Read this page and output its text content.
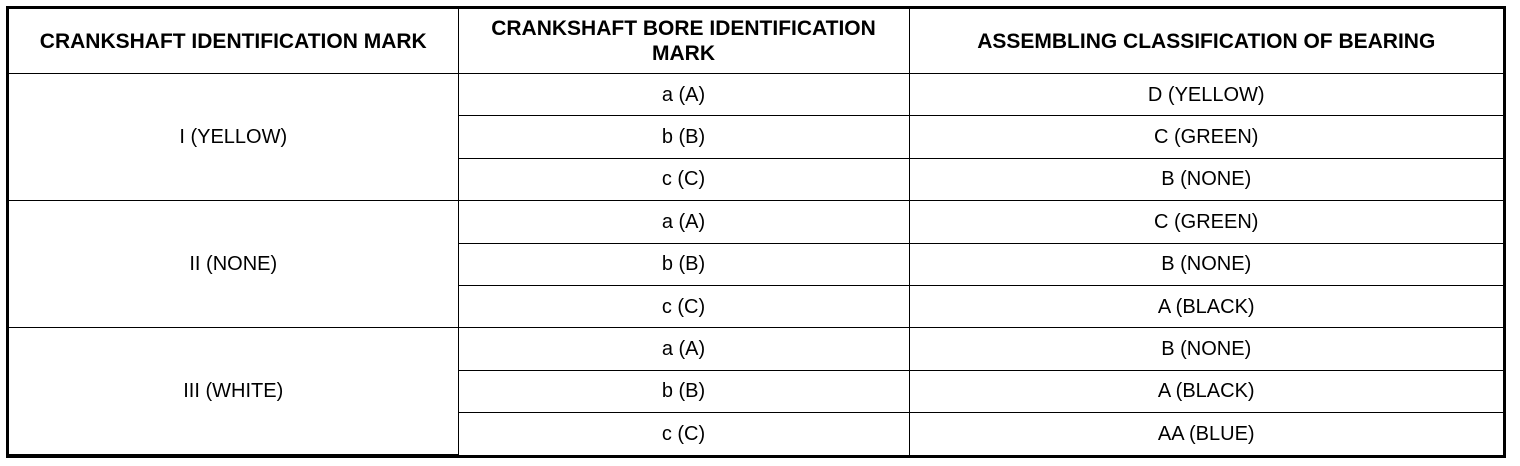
CRANKSHAFT IDENTIFICATION MARK	CRANKSHAFT BORE IDENTIFICATION MARK	ASSEMBLING CLASSIFICATION OF BEARING
I (YELLOW)	a (A)	D (YELLOW)
	b (B)	C (GREEN)
	c (C)	B (NONE)
II (NONE)	a (A)	C (GREEN)
	b (B)	B (NONE)
	c (C)	A (BLACK)
III (WHITE)	a (A)	B (NONE)
	b (B)	A (BLACK)
	c (C)	AA (BLUE)
